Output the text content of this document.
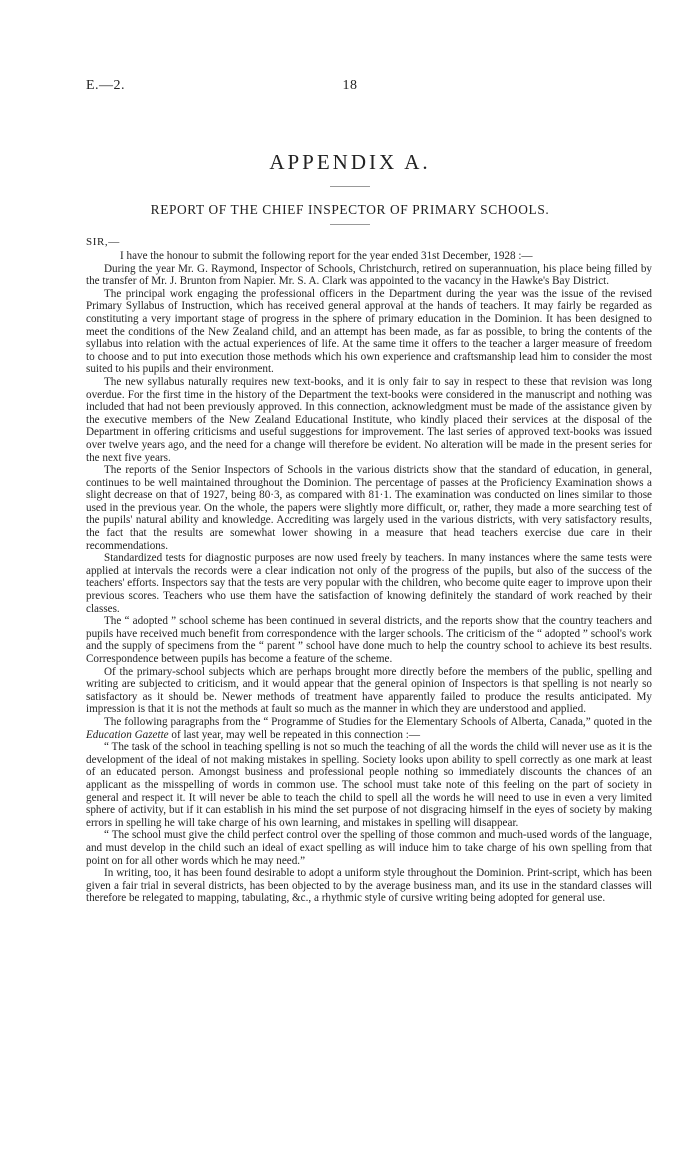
E.—2.	18
APPENDIX A.
REPORT OF THE CHIEF INSPECTOR OF PRIMARY SCHOOLS.
SIR,—

I have the honour to submit the following report for the year ended 31st December, 1928 :—

During the year Mr. G. Raymond, Inspector of Schools, Christchurch, retired on superannuation, his place being filled by the transfer of Mr. J. Brunton from Napier. Mr. S. A. Clark was appointed to the vacancy in the Hawke's Bay District.

The principal work engaging the professional officers in the Department during the year was the issue of the revised Primary Syllabus of Instruction, which has received general approval at the hands of teachers. It may fairly be regarded as constituting a very important stage of progress in the sphere of primary education in the Dominion. It has been designed to meet the conditions of the New Zealand child, and an attempt has been made, as far as possible, to bring the contents of the syllabus into relation with the actual experiences of life. At the same time it offers to the teacher a larger measure of freedom to choose and to put into execution those methods which his own experience and craftsmanship lead him to consider the most suited to his pupils and their environment.

The new syllabus naturally requires new text-books, and it is only fair to say in respect to these that revision was long overdue. For the first time in the history of the Department the text-books were considered in the manuscript and nothing was included that had not been previously approved. In this connection, acknowledgment must be made of the assistance given by the executive members of the New Zealand Educational Institute, who kindly placed their services at the disposal of the Department in offering criticisms and useful suggestions for improvement. The last series of approved text-books was issued over twelve years ago, and the need for a change will therefore be evident. No alteration will be made in the present series for the next five years.

The reports of the Senior Inspectors of Schools in the various districts show that the standard of education, in general, continues to be well maintained throughout the Dominion. The percentage of passes at the Proficiency Examination shows a slight decrease on that of 1927, being 80·3, as compared with 81·1. The examination was conducted on lines similar to those used in the previous year. On the whole, the papers were slightly more difficult, or, rather, they made a more searching test of the pupils' natural ability and knowledge. Accrediting was largely used in the various districts, with very satisfactory results, the fact that the results are somewhat lower showing in a measure that head teachers exercise due care in their recommendations.

Standardized tests for diagnostic purposes are now used freely by teachers. In many instances where the same tests were applied at intervals the records were a clear indication not only of the progress of the pupils, but also of the success of the teachers' efforts. Inspectors say that the tests are very popular with the children, who become quite eager to improve upon their previous scores. Teachers who use them have the satisfaction of knowing definitely the standard of work reached by their classes.

The “ adopted ” school scheme has been continued in several districts, and the reports show that the country teachers and pupils have received much benefit from correspondence with the larger schools. The criticism of the “ adopted ” school's work and the supply of specimens from the “ parent ” school have done much to help the country school to achieve its best results. Correspondence between pupils has become a feature of the scheme.

Of the primary-school subjects which are perhaps brought more directly before the members of the public, spelling and writing are subjected to criticism, and it would appear that the general opinion of Inspectors is that spelling is not nearly so satisfactory as it should be. Newer methods of treatment have apparently failed to produce the results anticipated. My impression is that it is not the methods at fault so much as the manner in which they are understood and applied.

The following paragraphs from the “ Programme of Studies for the Elementary Schools of Alberta, Canada,” quoted in the Education Gazette of last year, may well be repeated in this connection :—

“ The task of the school in teaching spelling is not so much the teaching of all the words the child will never use as it is the development of the ideal of not making mistakes in spelling. Society looks upon ability to spell correctly as one mark at least of an educated person. Amongst business and professional people nothing so immediately discounts the chances of an applicant as the misspelling of words in common use. The school must take note of this feeling on the part of society in general and respect it. It will never be able to teach the child to spell all the words he will need to use in even a very limited sphere of activity, but if it can establish in his mind the set purpose of not disgracing himself in the eyes of society by making errors in spelling he will take charge of his own learning, and mistakes in spelling will disappear.

“ The school must give the child perfect control over the spelling of those common and much-used words of the language, and must develop in the child such an ideal of exact spelling as will induce him to take charge of his own spelling from that point on for all other words which he may need.”

In writing, too, it has been found desirable to adopt a uniform style throughout the Dominion. Print-script, which has been given a fair trial in several districts, has been objected to by the average business man, and its use in the standard classes will therefore be relegated to mapping, tabulating, &c., a rhythmic style of cursive writing being adopted for general use.
